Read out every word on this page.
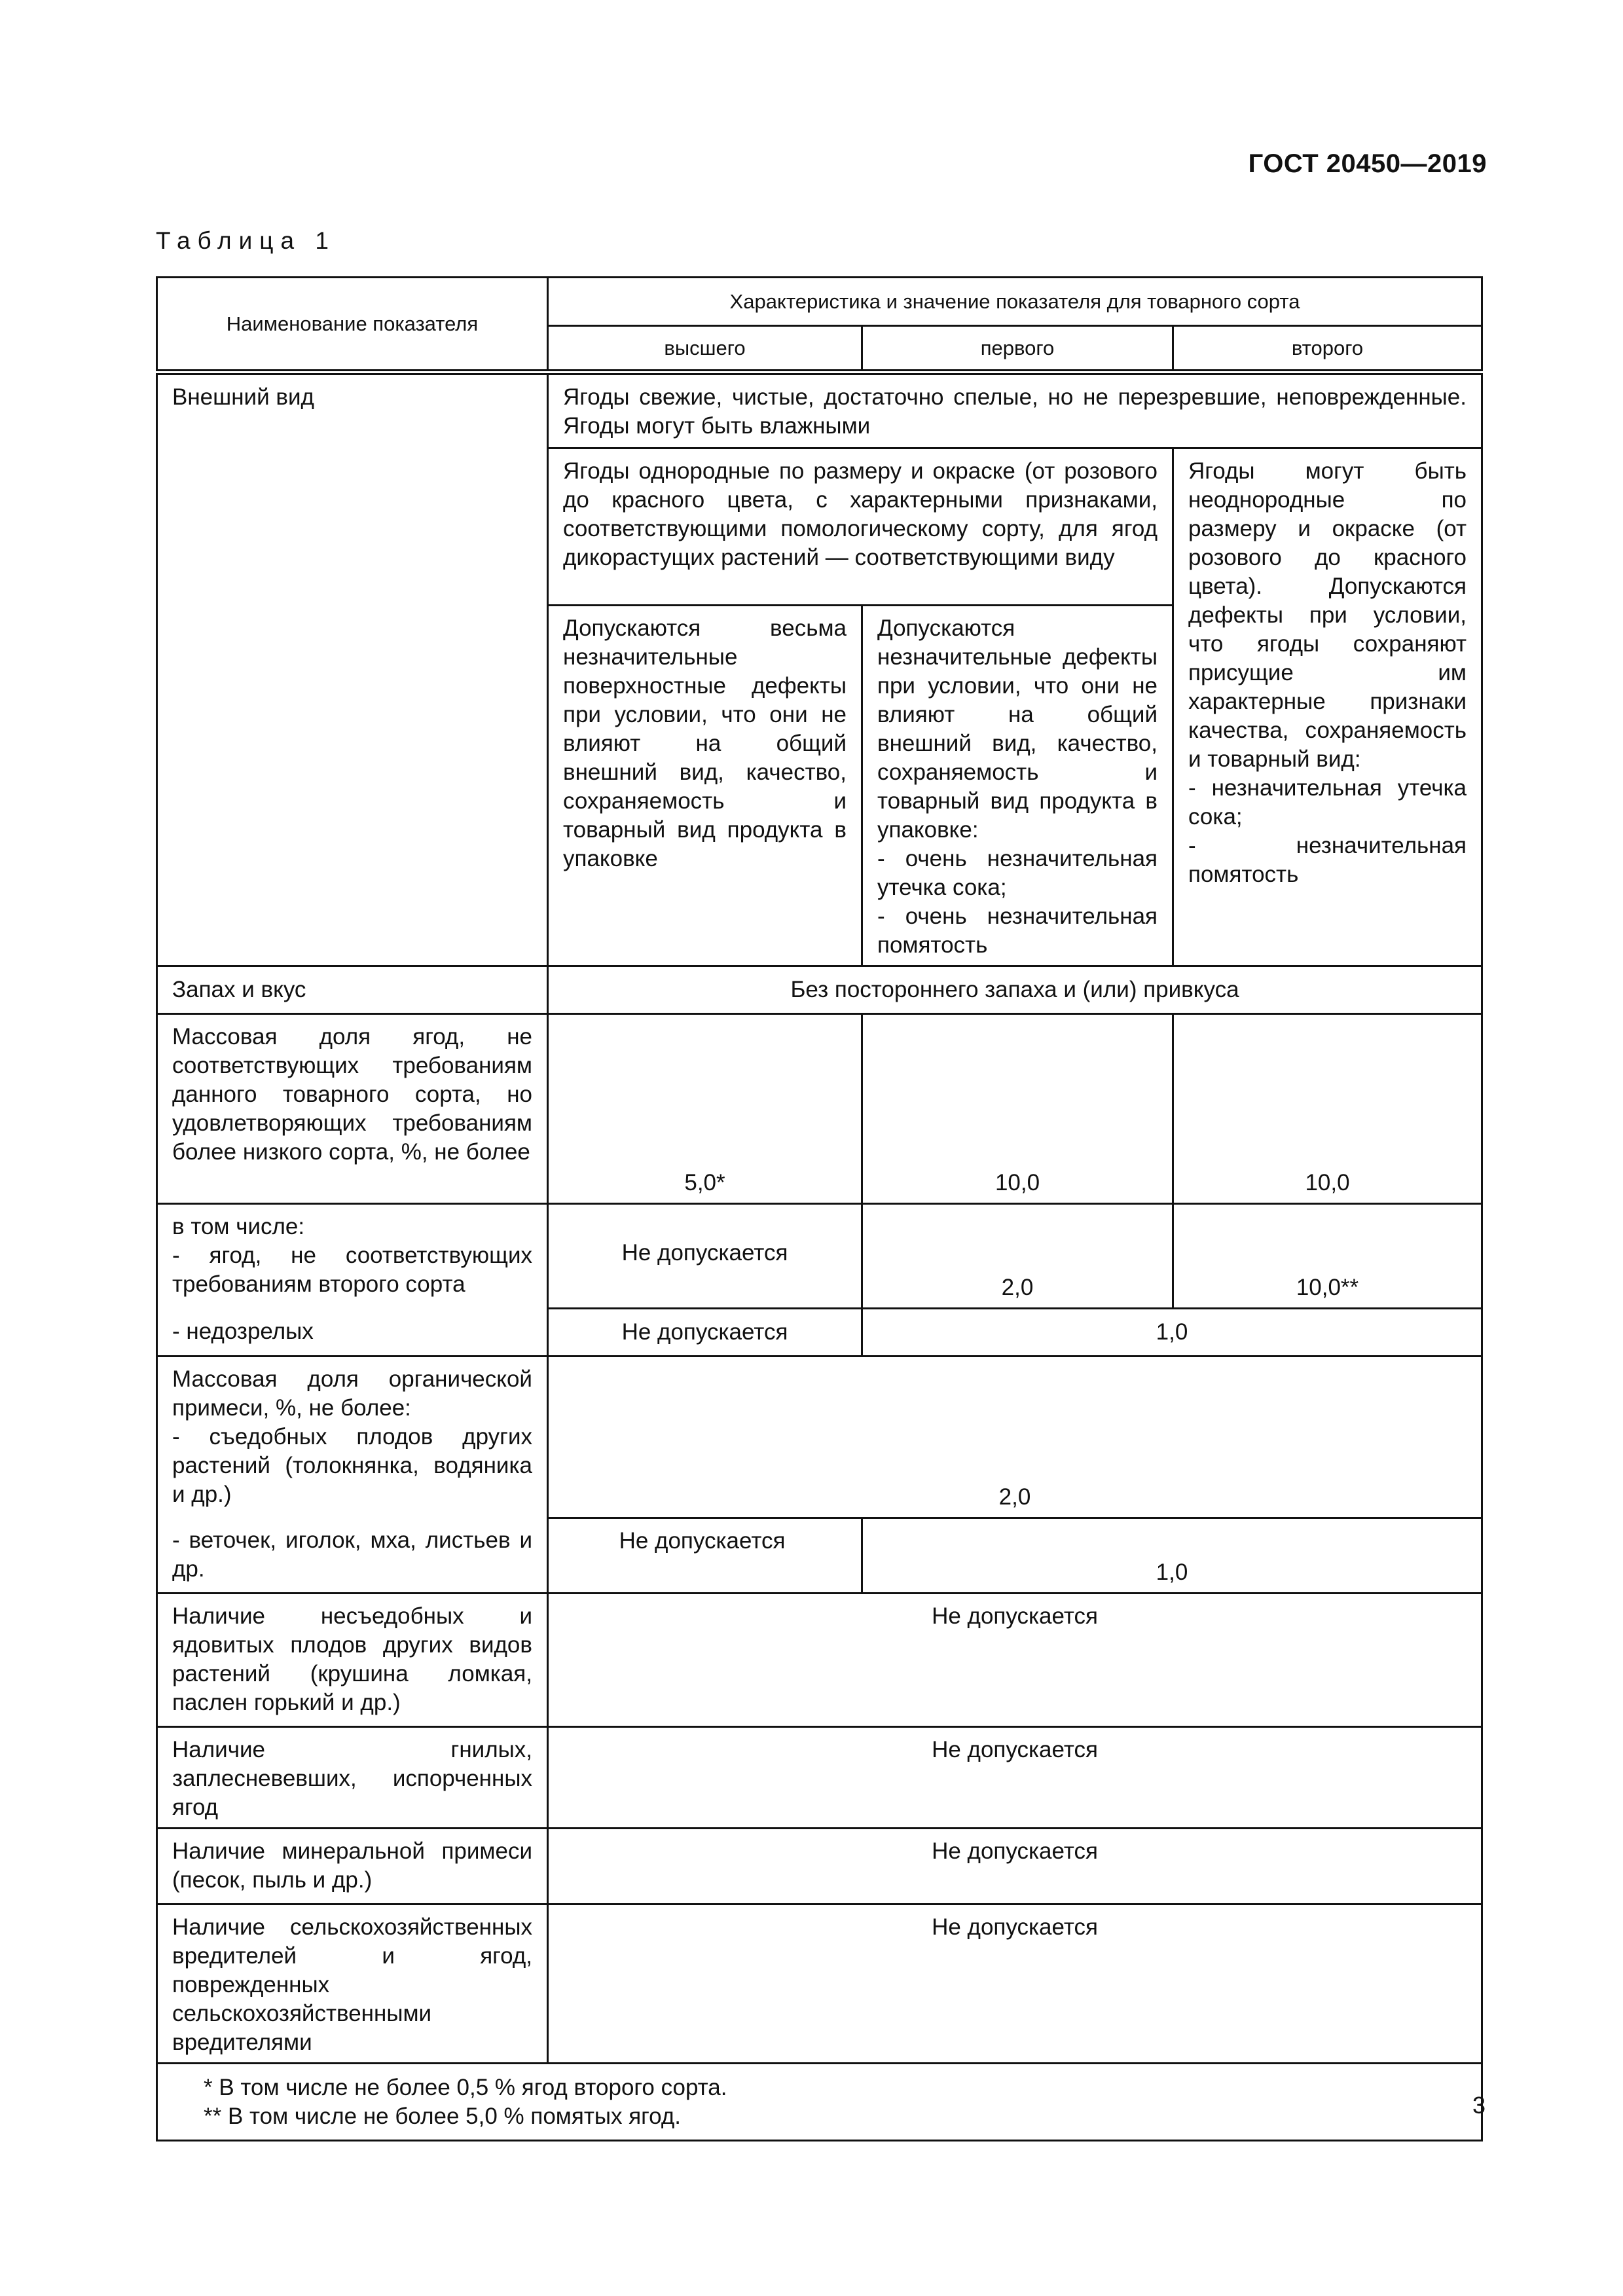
ГОСТ 20450—2019
Таблица 1
Наименование показателя	Характеристика и значение показателя для товарного сорта		
	высшего	первого	второго
Внешний вид	Ягоды свежие, чистые, достаточно спелые, но не перезревшие, неповрежденные. Ягоды могут быть влажными		
	Ягоды однородные по размеру и окраске (от розового до красного цвета, с характерными признаками, соответствующими помологическому сорту, для ягод дикорастущих растений — соответствующими виду		Ягоды могут быть неоднородные по размеру и окраске (от розового до красного цвета). Допускаются дефекты при условии, что ягоды сохраняют присущие им характерные признаки качества, сохраняемость и товарный вид:

- незначительная утечка сока;

- незначительная помятость

	Допускаются весьма незначительные поверхностные дефекты при условии, что они не влияют на общий внешний вид, качество, сохраняемость и товарный вид продукта в упаковке	Допускаются незначительные дефекты при условии, что они не влияют на общий внешний вид, качество, сохраняемость и товарный вид продукта в упаковке:

- очень незначительная утечка сока;

- очень незначительная помятость	

Запах и вкус	Без постороннего запаха и (или) привкуса		
Массовая доля ягод, не соответствующих требованиям данного товарного сорта, но удовлетворяющих требованиям более низкого сорта, %, не более	5,0*	10,0	10,0

в том числе:

- ягод, не соответствующих требованиям второго сорта	Не допускается	2,0	10,0**
- недозрелых	Не допускается	1,0	

Массовая доля органической примеси, %, не более:

- съедобных плодов других растений (толокнянка, водяника и др.)	2,0		
- веточек, иголок, мха, листьев и др.	Не допускается	1,0	
Наличие несъедобных и ядовитых плодов других видов растений (крушина ломкая, паслен горький и др.)	Не допускается		
Наличие гнилых, заплесневевших, испорченных ягод	Не допускается		
Наличие минеральной примеси (песок, пыль и др.)	Не допускается		
Наличие сельскохозяйственных вредителей и ягод, поврежденных сельскохозяйственными вредителями	Не допускается		

* В том числе не более 0,5 % ягод второго сорта.

** В том числе не более 5,0 % помятых ягод.				3
